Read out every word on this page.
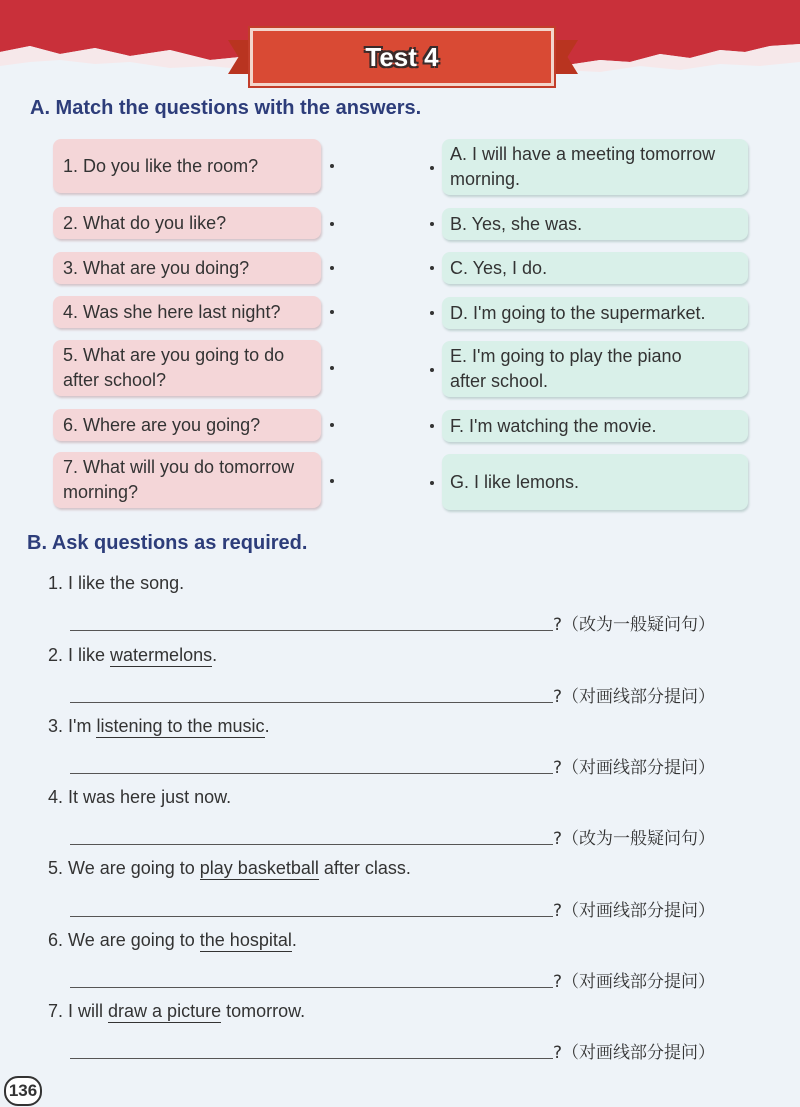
Test 4
A. Match the questions with the answers.
1. Do you like the room?
2. What do you like?
3. What are you doing?
4. Was she here last night?
5. What are you going to do
after school?
6. Where are you going?
7. What will you do tomorrow
morning?
A. I will have a meeting tomorrow
morning.
B. Yes, she was.
C. Yes, I do.
D. I'm going to the supermarket.
E. I'm going to play the piano
after school.
F. I'm watching the movie.
G. I like lemons.
B. Ask questions as required.
1. I like the song.
?（改为一般疑问句）
2. I like watermelons.
?（对画线部分提问）
3. I'm listening to the music.
?（对画线部分提问）
4. It was here just now.
?（改为一般疑问句）
5. We are going to play basketball after class.
?（对画线部分提问）
6. We are going to the hospital.
?（对画线部分提问）
7. I will draw a picture tomorrow.
?（对画线部分提问）
136
